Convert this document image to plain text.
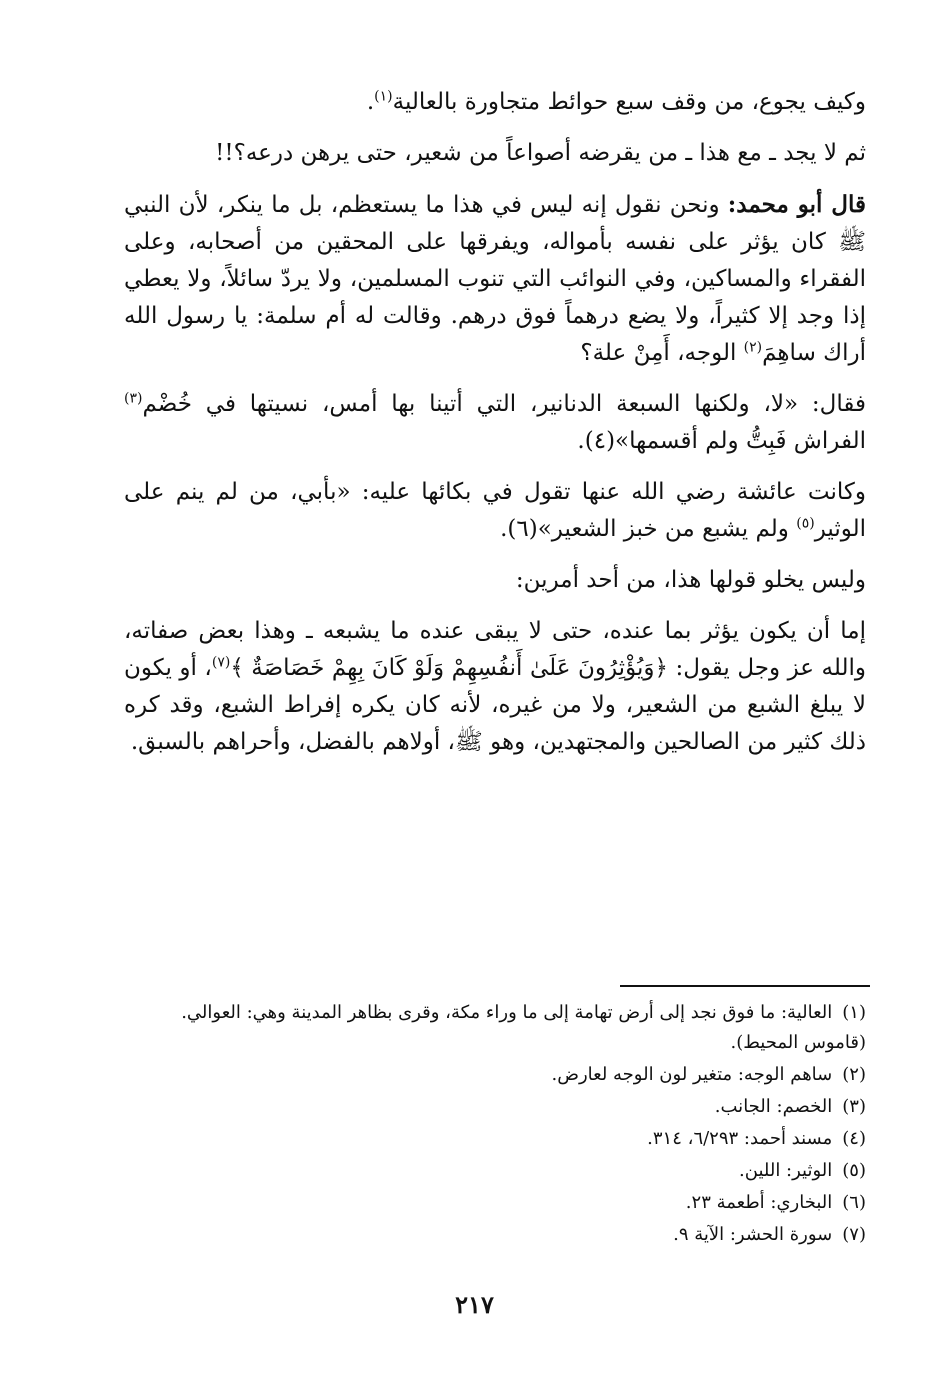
وكيف يجوع، من وقف سبع حوائط متجاورة بالعالية$^{(١)}$.

ثم لا يجد ـ مع هذا ـ من يقرضه أصواعاً من شعير، حتى يرهن درعه؟!!

قال أبو محمد: ونحن نقول إنه ليس في هذا ما يستعظم، بل ما ينكر، لأن النبي ﷺ كان يؤثر على نفسه بأمواله، ويفرقها على المحقين من أصحابه، وعلى الفقراء والمساكين، وفي النوائب التي تنوب المسلمين، ولا يردّ سائلاً، ولا يعطي إذا وجد إلا كثيراً، ولا يضع درهماً فوق درهم. وقالت له أم سلمة: يا رسول الله أراك ساهِمَ$^{(٢)}$ الوجه، أَمِنْ علة؟

فقال: «لا، ولكنها السبعة الدنانير، التي أتينا بها أمس، نسيتها في خُضْم$^{(٣)}$ الفراش فَبِتُّ ولم أقسمها»(٤).

وكانت عائشة رضي الله عنها تقول في بكائها عليه: «بأبي، من لم ينم على الوثير$^{(٥)}$ ولم يشبع من خبز الشعير»(٦).

وليس يخلو قولها هذا، من أحد أمرين:

إما أن يكون يؤثر بما عنده، حتى لا يبقى عنده ما يشبعه ـ وهذا بعض صفاته، والله عز وجل يقول: ﴿وَيُؤْثِرُونَ عَلَىٰ أَنفُسِهِمْ وَلَوْ كَانَ بِهِمْ خَصَاصَةٌ ﴾$^{(٧)}$، أو يكون لا يبلغ الشبع من الشعير، ولا من غيره، لأنه كان يكره إفراط الشبع، وقد كره ذلك كثير من الصالحين والمجتهدين، وهو ﷺ، أولاهم بالفضل، وأحراهم بالسبق.

(١)العالية: ما فوق نجد إلى أرض تهامة إلى ما وراء مكة، وقرى بظاهر المدينة وهي: العوالي. (قاموس المحيط).
(٢)ساهم الوجه: متغير لون الوجه لعارض.
(٣)الخصم: الجانب.
(٤)مسند أحمد: ٦/٢٩٣، ٣١٤.
(٥)الوثير: اللين.
(٦)البخاري: أطعمة ٢٣.
(٧)سورة الحشر: الآية ٩.
٢١٧
